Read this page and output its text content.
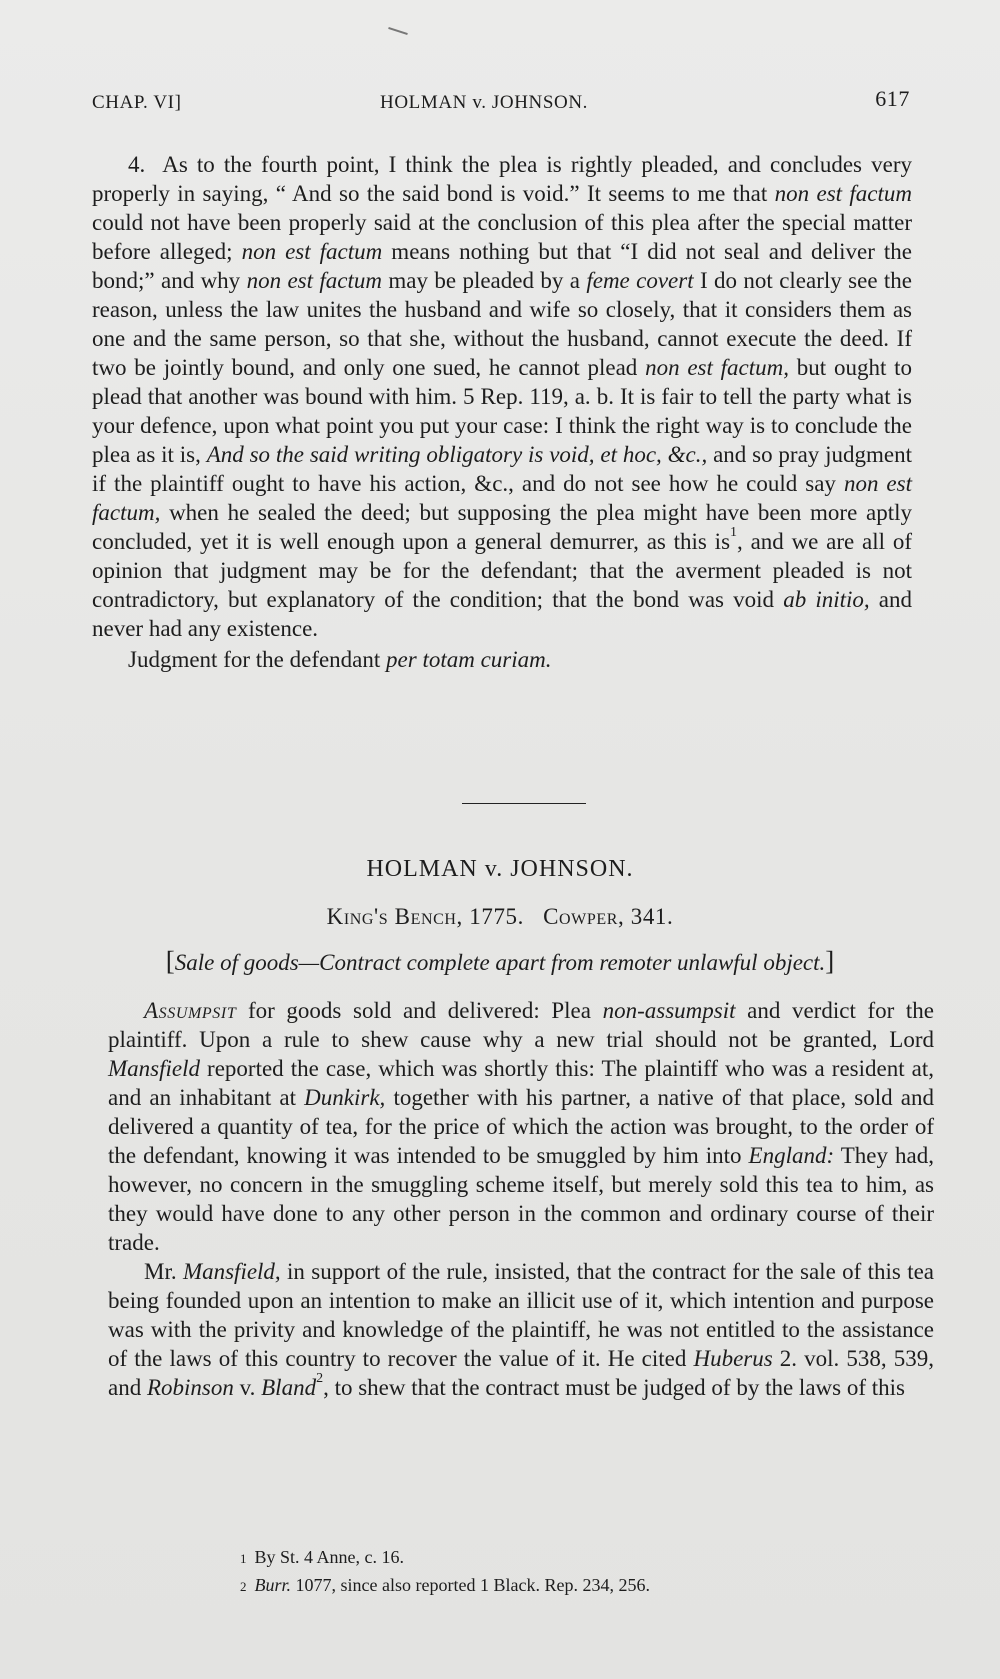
CHAP. VI]	HOLMAN v. JOHNSON.	617

4. As to the fourth point, I think the plea is rightly pleaded, and concludes very properly in saying, “ And so the said bond is void.” It seems to me that non est factum could not have been properly said at the conclusion of this plea after the special matter before alleged; non est factum means nothing but that “I did not seal and deliver the bond;” and why non est factum may be pleaded by a feme covert I do not clearly see the reason, unless the law unites the husband and wife so closely, that it considers them as one and the same person, so that she, without the husband, cannot execute the deed. If two be jointly bound, and only one sued, he cannot plead non est factum, but ought to plead that another was bound with him. 5 Rep. 119, a. b. It is fair to tell the party what is your defence, upon what point you put your case: I think the right way is to conclude the plea as it is, And so the said writing obligatory is void, et hoc, &c., and so pray judgment if the plaintiff ought to have his action, &c., and do not see how he could say non est factum, when he sealed the deed; but supposing the plea might have been more aptly concluded, yet it is well enough upon a general demurrer, as this is$^1$, and we are all of opinion that judgment may be for the defendant; that the averment pleaded is not contradictory, but explanatory of the condition; that the bond was void ab initio, and never had any existence.

Judgment for the defendant per totam curiam.

HOLMAN v. JOHNSON.
King's Bench, 1775. Cowper, 341.
[Sale of goods—Contract complete apart from remoter unlawful object.]

Assumpsit for goods sold and delivered: Plea non-assumpsit and verdict for the plaintiff. Upon a rule to shew cause why a new trial should not be granted, Lord Mansfield reported the case, which was shortly this: The plaintiff who was a resident at, and an inhabitant at Dunkirk, together with his partner, a native of that place, sold and delivered a quantity of tea, for the price of which the action was brought, to the order of the defendant, knowing it was intended to be smuggled by him into England: They had, however, no concern in the smuggling scheme itself, but merely sold this tea to him, as they would have done to any other person in the common and ordinary course of their trade.

Mr. Mansfield, in support of the rule, insisted, that the contract for the sale of this tea being founded upon an intention to make an illicit use of it, which intention and purpose was with the privity and knowledge of the plaintiff, he was not entitled to the assistance of the laws of this country to recover the value of it. He cited Huberus 2. vol. 538, 539, and Robinson v. Bland$^2$, to shew that the contract must be judged of by the laws of this

1 By St. 4 Anne, c. 16.
2 Burr. 1077, since also reported 1 Black. Rep. 234, 256.
